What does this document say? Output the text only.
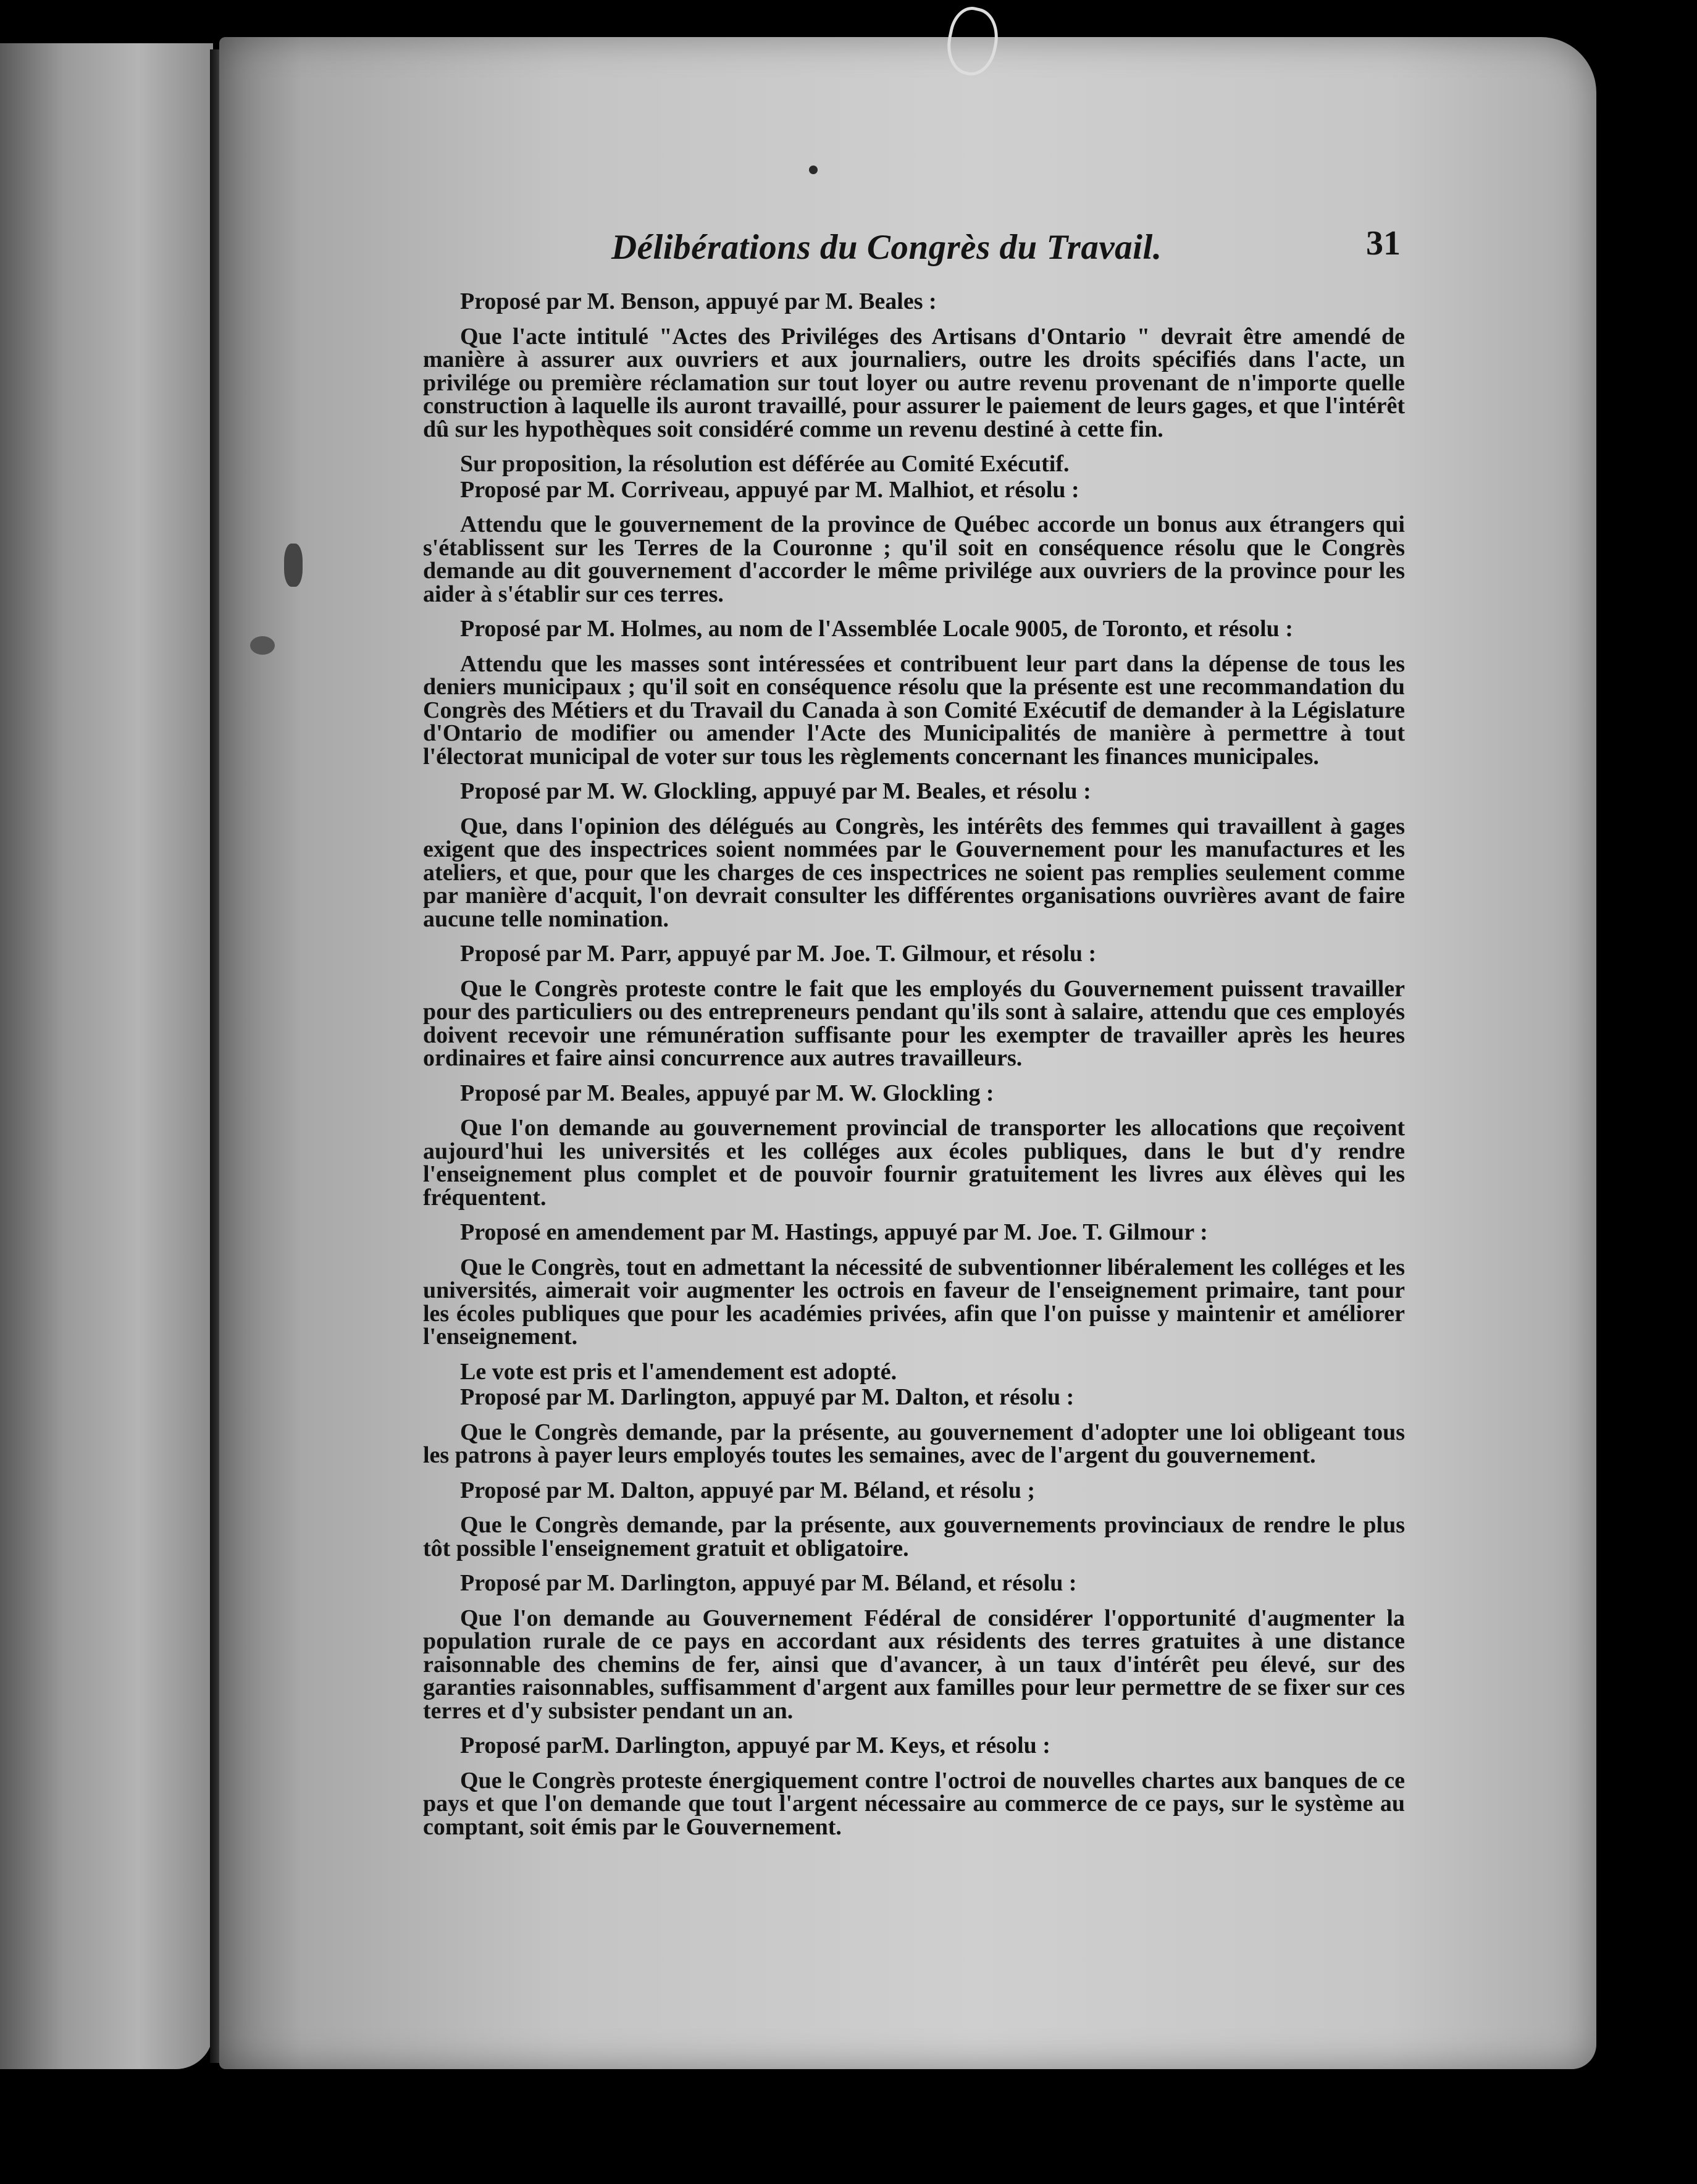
Délibérations du Congrès du Travail.	31

Proposé par M. Benson, appuyé par M. Beales :

Que l'acte intitulé "Actes des Priviléges des Artisans d'Ontario " devrait être amendé de manière à assurer aux ouvriers et aux journaliers, outre les droits spécifiés dans l'acte, un privilége ou première réclamation sur tout loyer ou autre revenu provenant de n'importe quelle construction à laquelle ils auront travaillé, pour assurer le paiement de leurs gages, et que l'intérêt dû sur les hypothèques soit considéré comme un revenu destiné à cette fin.

Sur proposition, la résolution est déférée au Comité Exécutif.

Proposé par M. Corriveau, appuyé par M. Malhiot, et résolu :

Attendu que le gouvernement de la province de Québec accorde un bonus aux étrangers qui s'établissent sur les Terres de la Couronne ; qu'il soit en conséquence résolu que le Congrès demande au dit gouvernement d'accorder le même privilége aux ouvriers de la province pour les aider à s'établir sur ces terres.

Proposé par M. Holmes, au nom de l'Assemblée Locale 9005, de Toronto, et résolu :

Attendu que les masses sont intéressées et contribuent leur part dans la dépense de tous les deniers municipaux ; qu'il soit en conséquence résolu que la présente est une recommandation du Congrès des Métiers et du Travail du Canada à son Comité Exécutif de demander à la Législature d'Ontario de modifier ou amender l'Acte des Municipalités de manière à permettre à tout l'électorat municipal de voter sur tous les règlements concernant les finances municipales.

Proposé par M. W. Glockling, appuyé par M. Beales, et résolu :

Que, dans l'opinion des délégués au Congrès, les intérêts des femmes qui travaillent à gages exigent que des inspectrices soient nommées par le Gouvernement pour les manufactures et les ateliers, et que, pour que les charges de ces inspectrices ne soient pas remplies seulement comme par manière d'acquit, l'on devrait consulter les différentes organisations ouvrières avant de faire aucune telle nomination.

Proposé par M. Parr, appuyé par M. Joe. T. Gilmour, et résolu :

Que le Congrès proteste contre le fait que les employés du Gouvernement puissent travailler pour des particuliers ou des entrepreneurs pendant qu'ils sont à salaire, attendu que ces employés doivent recevoir une rémunération suffisante pour les exempter de travailler après les heures ordinaires et faire ainsi concurrence aux autres travailleurs.

Proposé par M. Beales, appuyé par M. W. Glockling :

Que l'on demande au gouvernement provincial de transporter les allocations que reçoivent aujourd'hui les universités et les colléges aux écoles publiques, dans le but d'y rendre l'enseignement plus complet et de pouvoir fournir gratuitement les livres aux élèves qui les fréquentent.

Proposé en amendement par M. Hastings, appuyé par M. Joe. T. Gilmour :

Que le Congrès, tout en admettant la nécessité de subventionner libéralement les colléges et les universités, aimerait voir augmenter les octrois en faveur de l'enseignement primaire, tant pour les écoles publiques que pour les académies privées, afin que l'on puisse y maintenir et améliorer l'enseignement.

Le vote est pris et l'amendement est adopté.

Proposé par M. Darlington, appuyé par M. Dalton, et résolu :

Que le Congrès demande, par la présente, au gouvernement d'adopter une loi obligeant tous les patrons à payer leurs employés toutes les semaines, avec de l'argent du gouvernement.

Proposé par M. Dalton, appuyé par M. Béland, et résolu ;

Que le Congrès demande, par la présente, aux gouvernements provinciaux de rendre le plus tôt possible l'enseignement gratuit et obligatoire.

Proposé par M. Darlington, appuyé par M. Béland, et résolu :

Que l'on demande au Gouvernement Fédéral de considérer l'opportunité d'augmenter la population rurale de ce pays en accordant aux résidents des terres gratuites à une distance raisonnable des chemins de fer, ainsi que d'avancer, à un taux d'intérêt peu élevé, sur des garanties raisonnables, suffisamment d'argent aux familles pour leur permettre de se fixer sur ces terres et d'y subsister pendant un an.

Proposé parM. Darlington, appuyé par M. Keys, et résolu :

Que le Congrès proteste énergiquement contre l'octroi de nouvelles chartes aux banques de ce pays et que l'on demande que tout l'argent nécessaire au commerce de ce pays, sur le système au comptant, soit émis par le Gouvernement.
